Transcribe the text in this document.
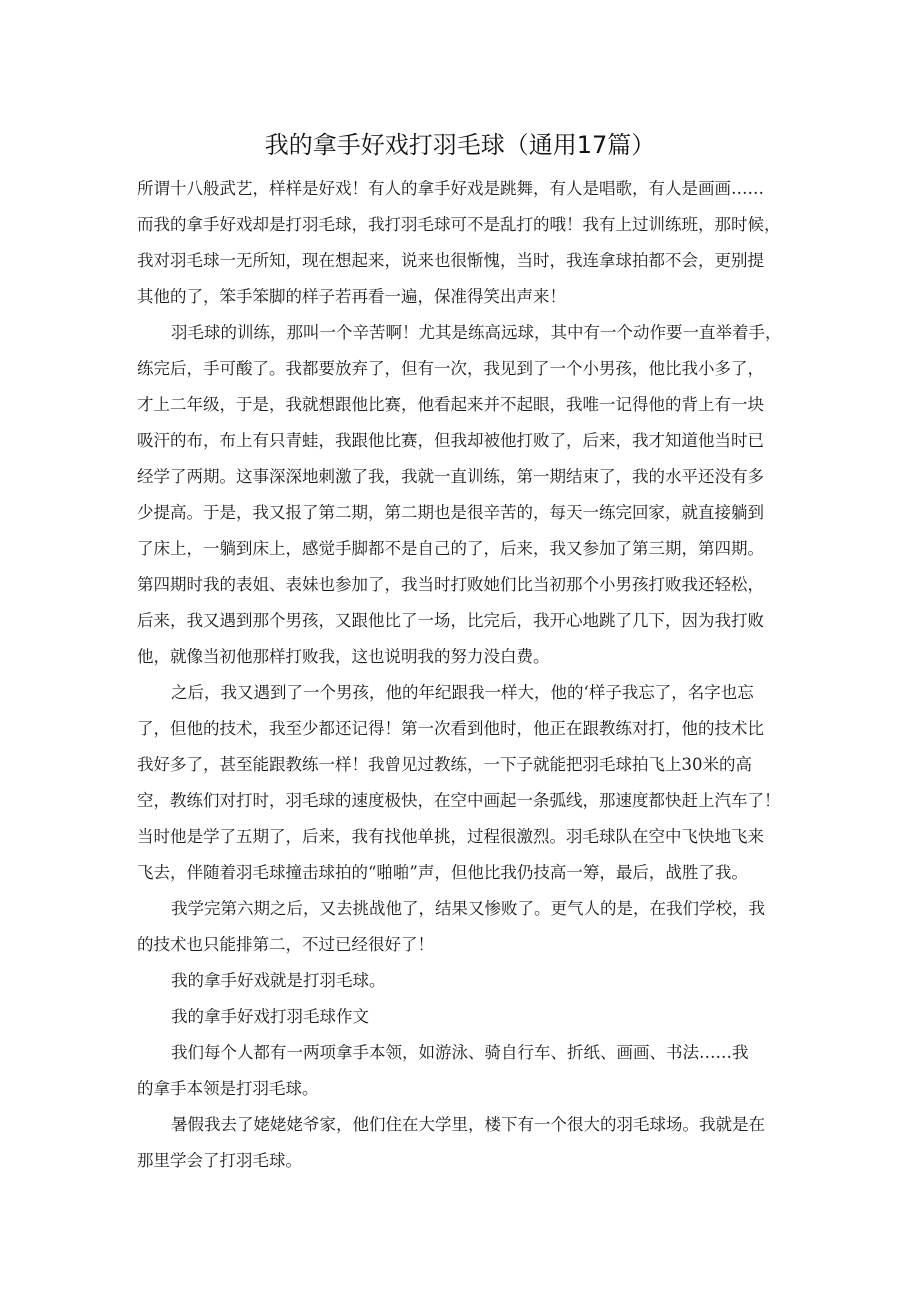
我的拿手好戏打羽毛球（通用17篇）
所谓十八般武艺，样样是好戏！有人的拿手好戏是跳舞，有人是唱歌，有人是画画……
而我的拿手好戏却是打羽毛球，我打羽毛球可不是乱打的哦！我有上过训练班，那时候，
我对羽毛球一无所知，现在想起来，说来也很惭愧，当时，我连拿球拍都不会，更别提
其他的了，笨手笨脚的样子若再看一遍，保准得笑出声来！
羽毛球的训练，那叫一个辛苦啊！尤其是练高远球，其中有一个动作要一直举着手，
练完后，手可酸了。我都要放弃了，但有一次，我见到了一个小男孩，他比我小多了，
才上二年级，于是，我就想跟他比赛，他看起来并不起眼，我唯一记得他的背上有一块
吸汗的布，布上有只青蛙，我跟他比赛，但我却被他打败了，后来，我才知道他当时已
经学了两期。这事深深地刺激了我，我就一直训练，第一期结束了，我的水平还没有多
少提高。于是，我又报了第二期，第二期也是很辛苦的，每天一练完回家，就直接躺到
了床上，一躺到床上，感觉手脚都不是自己的了，后来，我又参加了第三期，第四期。
第四期时我的表姐、表妹也参加了，我当时打败她们比当初那个小男孩打败我还轻松，
后来，我又遇到那个男孩，又跟他比了一场，比完后，我开心地跳了几下，因为我打败
他，就像当初他那样打败我，这也说明我的努力没白费。
之后，我又遇到了一个男孩，他的年纪跟我一样大，他的‘样子我忘了，名字也忘
了，但他的技术，我至少都还记得！第一次看到他时，他正在跟教练对打，他的技术比
我好多了，甚至能跟教练一样！我曾见过教练，一下子就能把羽毛球拍飞上30米的高
空，教练们对打时，羽毛球的速度极快，在空中画起一条弧线，那速度都快赶上汽车了！
当时他是学了五期了，后来，我有找他单挑，过程很激烈。羽毛球队在空中飞快地飞来
飞去，伴随着羽毛球撞击球拍的“啪啪”声，但他比我仍技高一筹，最后，战胜了我。
我学完第六期之后，又去挑战他了，结果又惨败了。更气人的是，在我们学校，我
的技术也只能排第二，不过已经很好了！
我的拿手好戏就是打羽毛球。
我的拿手好戏打羽毛球作文
我们每个人都有一两项拿手本领，如游泳、骑自行车、折纸、画画、书法……我
的拿手本领是打羽毛球。
暑假我去了姥姥姥爷家，他们住在大学里，楼下有一个很大的羽毛球场。我就是在
那里学会了打羽毛球。
